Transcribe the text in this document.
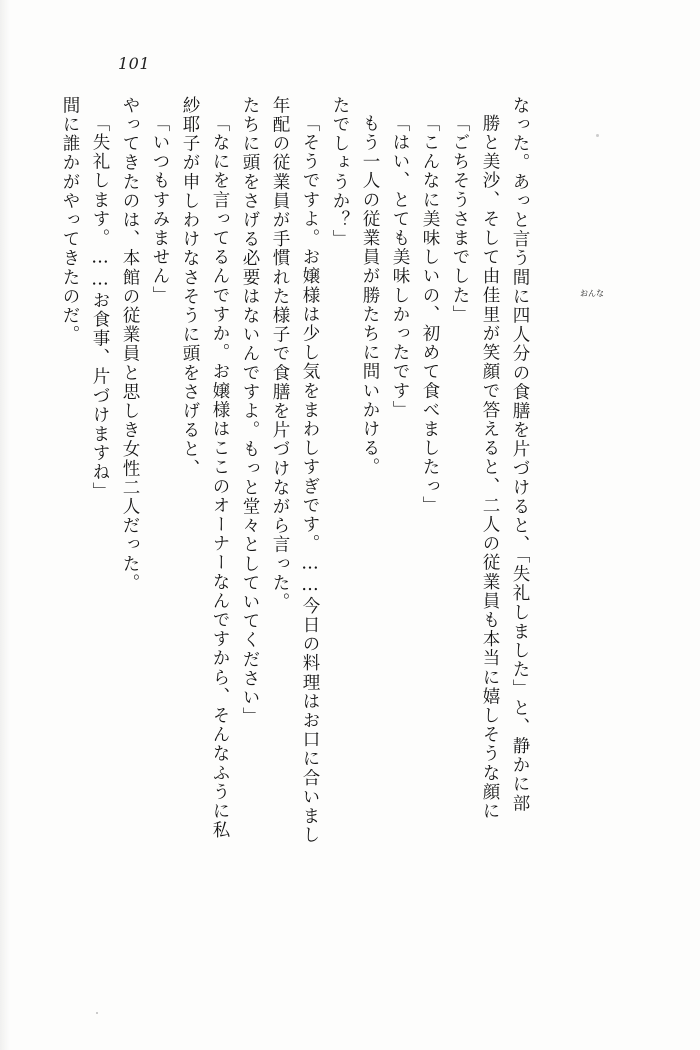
101
間に誰かがやってきたのだ。 「失礼します。……お食事、片づけますね」 やってきたのは、本館の従業員と思しき女性二人だった。 「いつもすみません」 紗耶子が申しわけなさそうに頭をさげると、 「なにを言ってるんですか。お嬢様はここのオーナーなんですから、そんなふうに私 たちに頭をさげる必要はないんですよ。もっと堂々としていてください」 年配の従業員が手慣れた様子で食膳を片づけながら言った。 「そうですよ。お嬢様は少し気をまわしすぎです。……今日の料理はお口に合いまし たでしょうか？」 もう一人の従業員が勝たちに問いかける。 「はい、とても美味しかったです」 「こんなに美味しいの、初めて食べましたっ」 「ごちそうさまでした」 勝と美沙、そして由佳里が笑顔で答えると、二人の従業員も本当に嬉しそうな顔に なった。あっと言う間に四人分の食膳を片づけると、「失礼しました」と、静かに部	おんな
